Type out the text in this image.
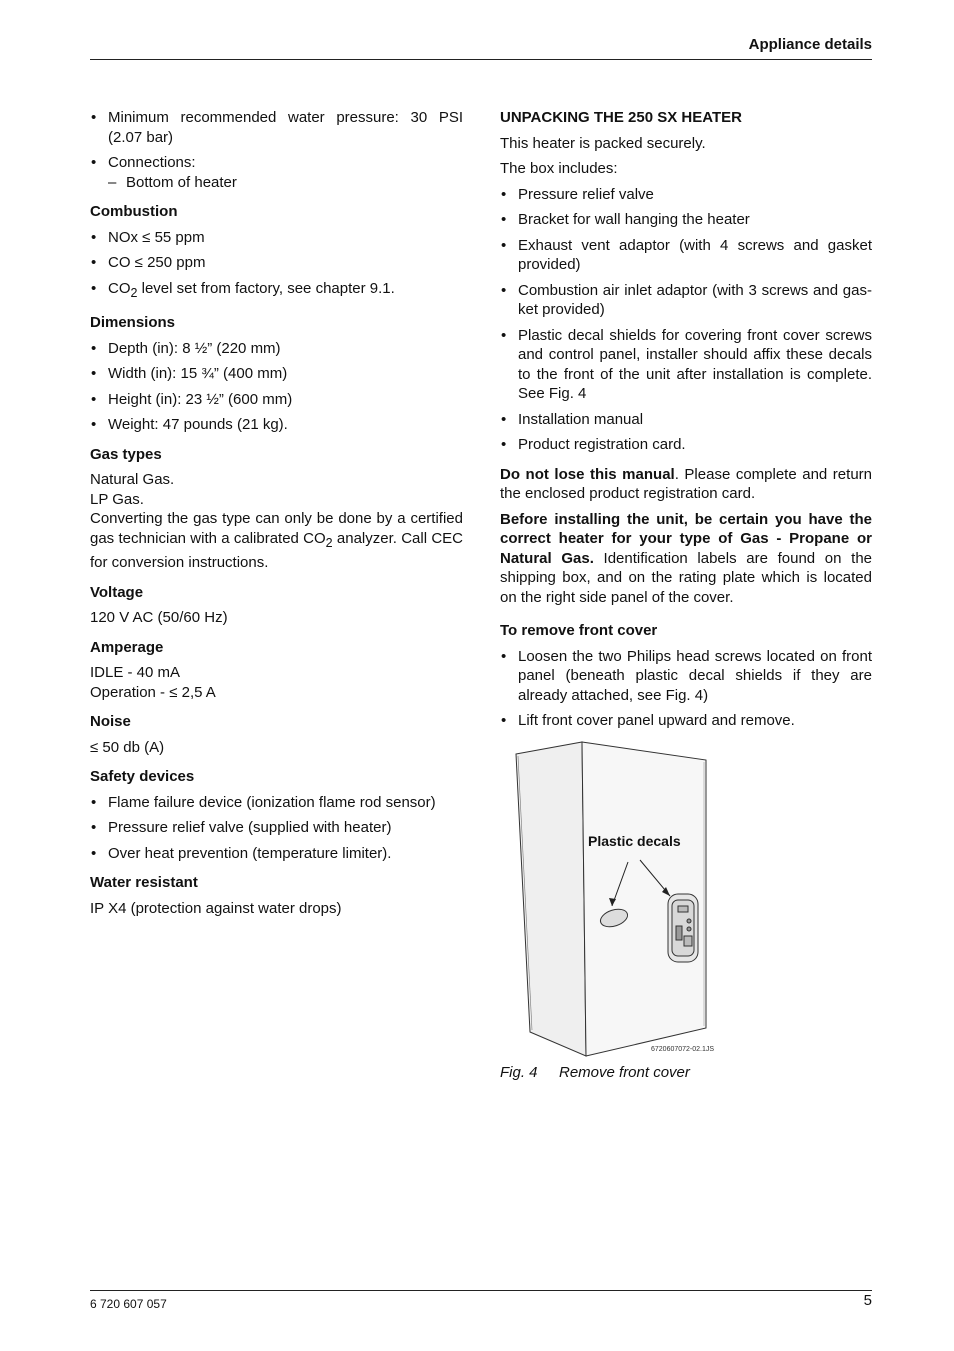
Appliance details
• Minimum recommended water pressure: 30 PSI (2.07 bar)
• Connections:
– Bottom of heater
Combustion
• NOx ≤ 55 ppm
• CO ≤ 250 ppm
• $CO_2$ level set from factory, see chapter 9.1.
Dimensions
• Depth (in): 8 ½” (220 mm)
• Width (in): 15 ¾” (400 mm)
• Height (in): 23 ½” (600 mm)
• Weight: 47 pounds (21 kg).
Gas types
Natural Gas.
LP Gas.

Converting the gas type can only be done by a certified gas technician with a calibrated $CO_2$ analyzer. Call CEC for conversion instructions.

Voltage

120 V AC (50/60 Hz)

Amperage
IDLE - 40 mA

Operation - ≤ 2,5 A

Noise

≤ 50 db (A)

Safety devices
• Flame failure device (ionization flame rod sensor)
• Pressure relief valve (supplied with heater)
• Over heat prevention (temperature limiter).
Water resistant

IP X4 (protection against water drops)

UNPACKING THE 250 SX HEATER

This heater is packed securely.

The box includes:

• Pressure relief valve
• Bracket for wall hanging the heater
• Exhaust vent adaptor (with 4 screws and gasket provided)
• Combustion air inlet adaptor (with 3 screws and gasket provided)
• Plastic decal shields for covering front cover screws and control panel, installer should affix these decals to the front of the unit after installation is complete. See Fig. 4
• Installation manual
• Product registration card.

Do not lose this manual. Please complete and return the enclosed product registration card.

Before installing the unit, be certain you have the correct heater for your type of Gas - Propane or Natural Gas. Identification labels are found on the shipping box, and on the rating plate which is located on the right side panel of the cover.

To remove front cover
• Loosen the two Philips head screws located on front panel (beneath plastic decal shields if they are already attached, see Fig. 4)
• Lift front cover panel upward and remove.
Plastic decals
6720607072-02.1JS
Fig. 4 Remove front cover
6 720 607 057	5
